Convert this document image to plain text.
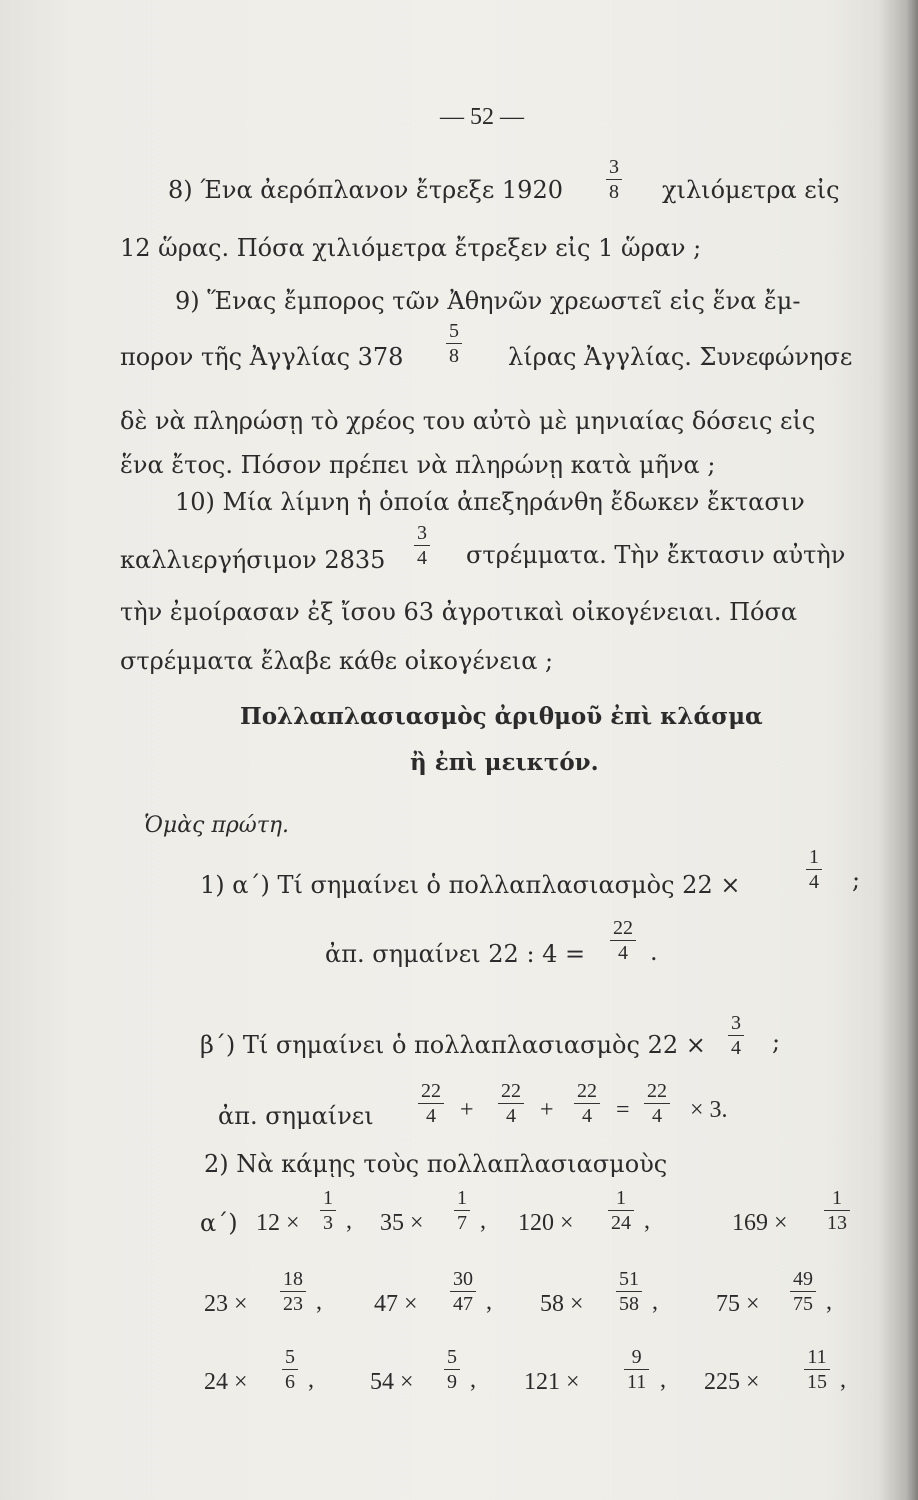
— 52 —
8) Ένα ἀερόπλανον ἔτρεξε 1920
3
8 χιλιόμετρα εἰς
12 ὥρας. Πόσα χιλιόμετρα ἔτρεξεν εἰς 1 ὥραν ;
9) Ἕνας ἔμπορος τῶν Ἀθηνῶν χρεωστεῖ εἰς ἕνα ἔμ-
πορον τῆς Ἀγγλίας 378
5
8 λίρας Ἀγγλίας. Συνεφώνησε
δὲ νὰ πληρώσῃ τὸ χρέος του αὐτὸ μὲ μηνιαίας δόσεις εἰς
ἕνα ἔτος. Πόσον πρέπει νὰ πληρώνῃ κατὰ μῆνα ;
10) Μία λίμνη ἡ ὁποία ἀπεξηράνθη ἔδωκεν ἔκτασιν
καλλιεργήσιμον 2835
3
4 στρέμματα. Τὴν ἔκτασιν αὐτὴν
τὴν ἐμοίρασαν ἐξ ἴσου 63 ἀγροτικαὶ οἰκογένειαι. Πόσα
στρέμματα ἔλαβε κάθε οἰκογένεια ;
Πολλαπλασιασμὸς ἀριθμοῦ ἐπὶ κλάσμα
ἢ ἐπὶ μεικτόν.
Ὁμὰς πρώτη.
1) α΄) Τί σημαίνει ὁ πολλαπλασιασμὸς 22 ×
1
4 ;
ἀπ. σημαίνει 22 : 4 =
22
4 .
β΄) Τί σημαίνει ὁ πολλαπλασιασμὸς 22 ×
3
4 ;
ἀπ. σημαίνει
22
4	+
22
4	+
22
4	=
22
4	× 3.
2) Νὰ κάμῃς τοὺς πολλαπλασιασμοὺς
α΄) 12 ×
1
3 , 35 ×
1
7 , 120 ×
1
24 ,	169 ×
1
13
23 ×
18
23 , 47 ×
30
47 , 58 ×
51
58 , 75 ×
49
75 ,
24 ×
5
6 , 54 ×
5
9 , 121 ×
9
11 , 225 ×
11
15 ,
